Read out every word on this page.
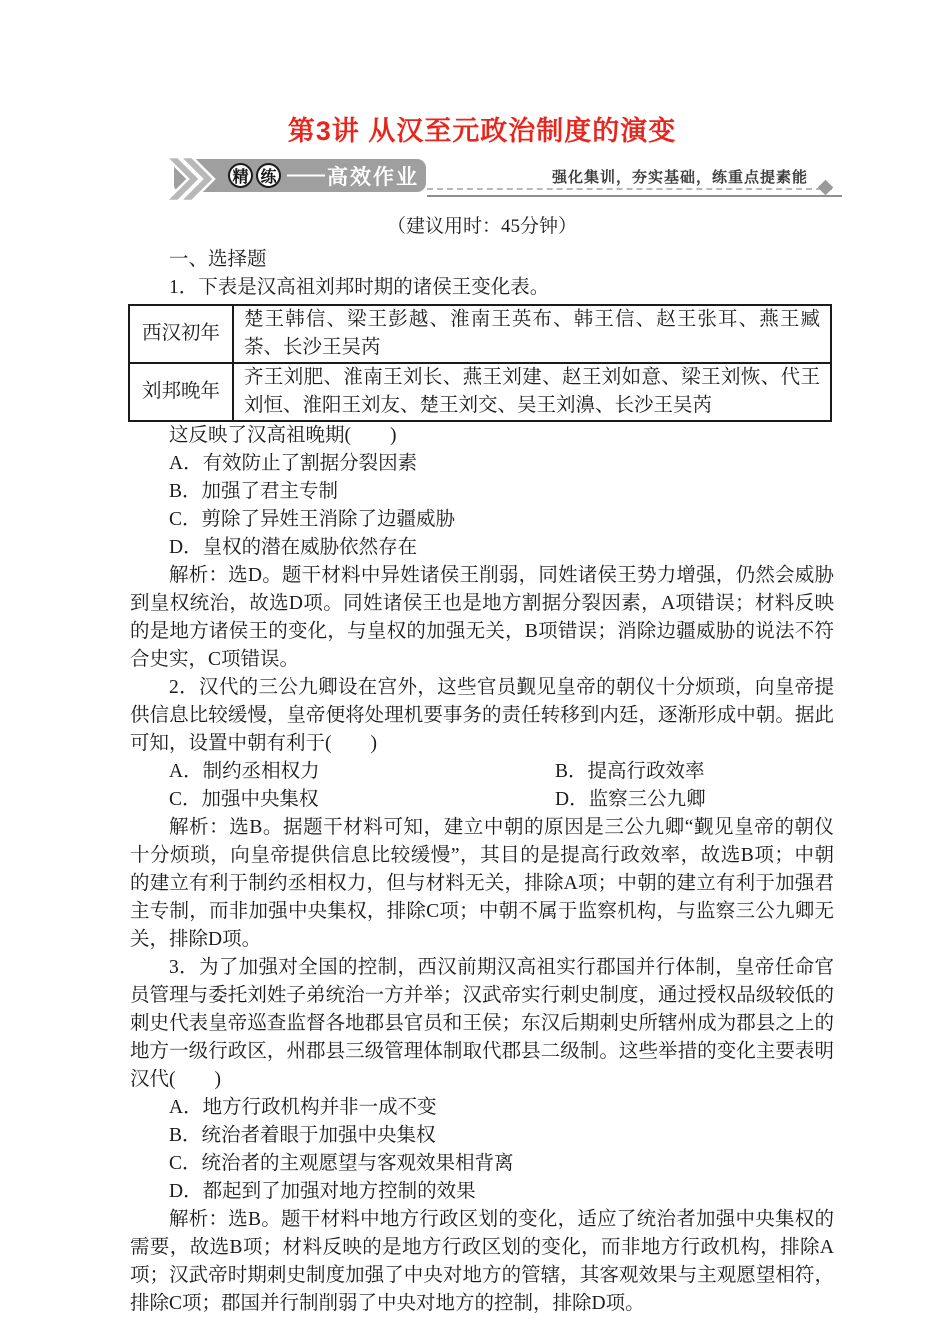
第3讲 从汉至元政治制度的演变
精 练 —— 高效作业	强化集训，夯实基础，练重点提素能
（建议用时：45分钟）
一、选择题

1．下表是汉高祖刘邦时期的诸侯王变化表。

西汉初年	楚王韩信、梁王彭越、淮南王英布、韩王信、赵王张耳、燕王臧荼、长沙王吴芮
刘邦晚年	齐王刘肥、淮南王刘长、燕王刘建、赵王刘如意、梁王刘恢、代王刘恒、淮阳王刘友、楚王刘交、吴王刘濞、长沙王吴芮

这反映了汉高祖晚期(　　)

A．有效防止了割据分裂因素
B．加强了君主专制
C．剪除了异姓王消除了边疆威胁
D．皇权的潜在威胁依然存在

解析：选D。题干材料中异姓诸侯王削弱，同姓诸侯王势力增强，仍然会威胁到皇权统治，故选D项。同姓诸侯王也是地方割据分裂因素，A项错误；材料反映的是地方诸侯王的变化，与皇权的加强无关，B项错误；消除边疆威胁的说法不符合史实，C项错误。

2．汉代的三公九卿设在宫外，这些官员觐见皇帝的朝仪十分烦琐，向皇帝提供信息比较缓慢，皇帝便将处理机要事务的责任转移到内廷，逐渐形成中朝。据此可知，设置中朝有利于(　　)

A．制约丞相权力	B．提高行政效率
C．加强中央集权	D．监察三公九卿

解析：选B。据题干材料可知，建立中朝的原因是三公九卿“觐见皇帝的朝仪十分烦琐，向皇帝提供信息比较缓慢”，其目的是提高行政效率，故选B项；中朝的建立有利于制约丞相权力，但与材料无关，排除A项；中朝的建立有利于加强君主专制，而非加强中央集权，排除C项；中朝不属于监察机构，与监察三公九卿无关，排除D项。

3．为了加强对全国的控制，西汉前期汉高祖实行郡国并行体制，皇帝任命官员管理与委托刘姓子弟统治一方并举；汉武帝实行刺史制度，通过授权品级较低的刺史代表皇帝巡查监督各地郡县官员和王侯；东汉后期刺史所辖州成为郡县之上的地方一级行政区，州郡县三级管理体制取代郡县二级制。这些举措的变化主要表明汉代(　　)

A．地方行政机构并非一成不变
B．统治者着眼于加强中央集权
C．统治者的主观愿望与客观效果相背离
D．都起到了加强对地方控制的效果

解析：选B。题干材料中地方行政区划的变化，适应了统治者加强中央集权的需要，故选B项；材料反映的是地方行政区划的变化，而非地方行政机构，排除A项；汉武帝时期刺史制度加强了中央对地方的管辖，其客观效果与主观愿望相符，排除C项；郡国并行制削弱了中央对地方的控制，排除D项。
